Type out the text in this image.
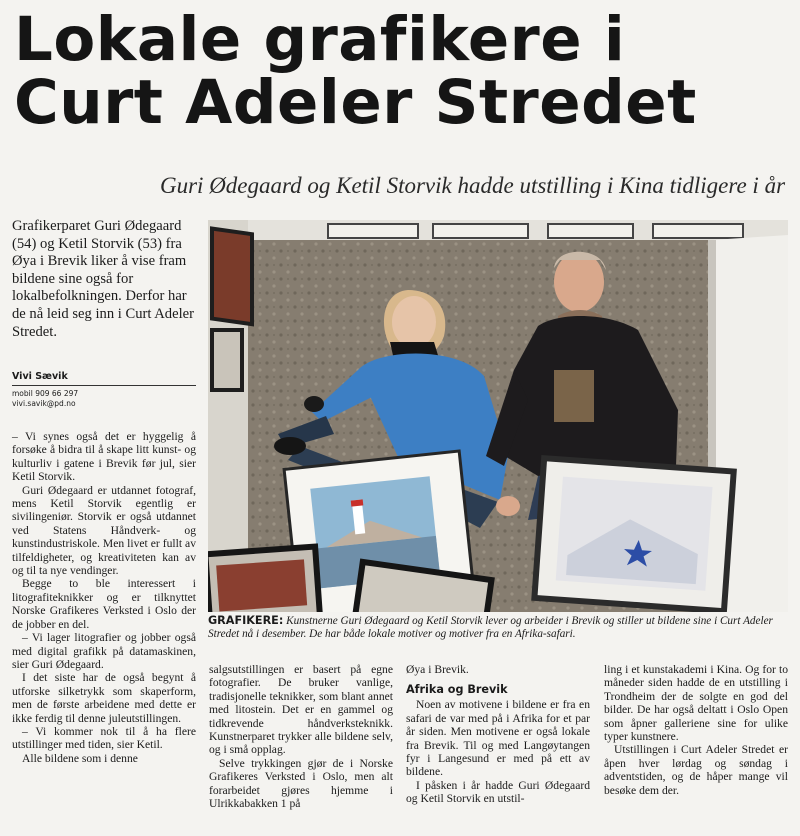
Lokale grafikere i
Curt Adeler Stredet

Guri Ødegaard og Ketil Storvik hadde utstilling i Kina tidligere i år

Grafikerparet Guri Ødegaard (54) og Ketil Storvik (53) fra Øya i Brevik liker å vise fram bildene sine også for lokalbefolkningen. Derfor har de nå leid seg inn i Curt Adeler Stredet.

Vivi Sævik
mobil 909 66 297
vivi.savik@pd.no

– Vi synes også det er hyggelig å forsøke å bidra til å skape litt kunst- og kulturliv i gatene i Brevik før jul, sier Ketil Storvik.

Guri Ødegaard er utdannet fotograf, mens Ketil Storvik egentlig er sivilingeniør. Storvik er også utdannet ved Statens Håndverk- og kunstindustriskole. Men livet er fullt av tilfeldigheter, og kreativiteten kan av og til ta nye vendinger.

Begge to ble interessert i litografiteknikker og er tilknyttet Norske Grafikeres Verksted i Oslo der de jobber en del.

– Vi lager litografier og jobber også med digital grafikk på datamaskinen, sier Guri Ødegaard.

I det siste har de også begynt å utforske silketrykk som skaperform, men de første arbeidene med dette er ikke ferdig til denne juleutstillingen.

– Vi kommer nok til å ha flere utstillinger med tiden, sier Ketil.

Alle bildene som i denne

GRAFIKERE: Kunstnerne Guri Ødegaard og Ketil Storvik lever og arbeider i Brevik og stiller ut bildene sine i Curt Adeler Stredet nå i desember. De har både lokale motiver og motiver fra en Afrika-safari.

salgsutstillingen er basert på egne fotografier. De bruker vanlige, tradisjonelle teknikker, som blant annet med litostein. Det er en gammel og tidkrevende håndverksteknikk. Kunstnerparet trykker alle bildene selv, og i små opplag.

Selve trykkingen gjør de i Norske Grafikeres Verksted i Oslo, men alt forarbeidet gjøres hjemme i Ulrikkabakken 1 på

Øya i Brevik.

Afrika og Brevik

Noen av motivene i bildene er fra en safari de var med på i Afrika for et par år siden. Men motivene er også lokale fra Brevik. Til og med Langøytangen fyr i Langesund er med på ett av bildene.

I påsken i år hadde Guri Ødegaard og Ketil Storvik en utstil-

ling i et kunstakademi i Kina. Og for to måneder siden hadde de en utstilling i Trondheim der de solgte en god del bilder. De har også deltatt i Oslo Open som åpner galleriene sine for ulike typer kunstnere.

Utstillingen i Curt Adeler Stredet er åpen hver lørdag og søndag i adventstiden, og de håper mange vil besøke dem der.
